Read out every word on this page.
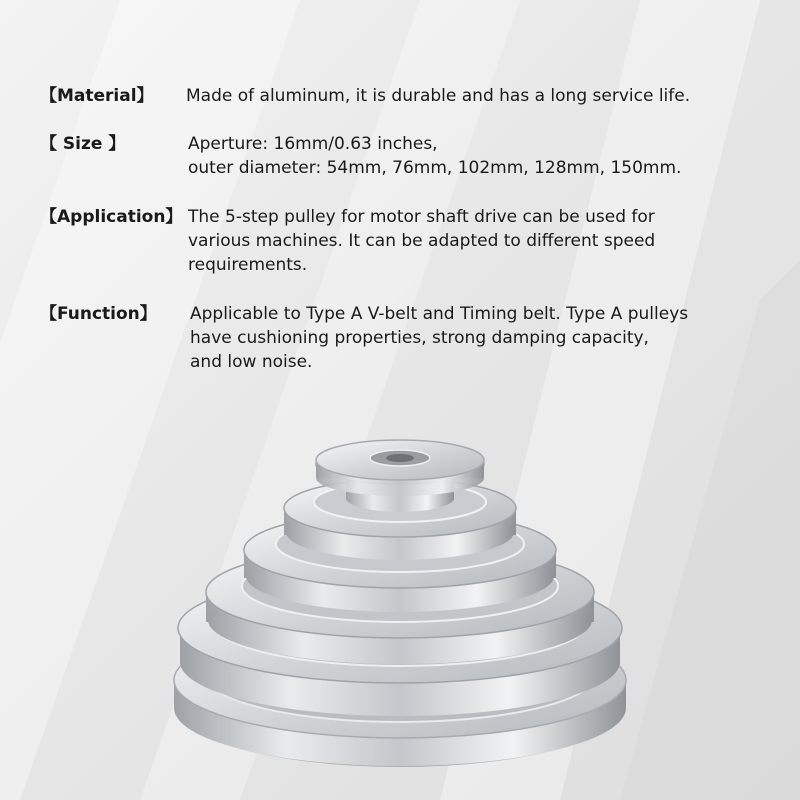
【Material】 Made of aluminum, it is durable and has a long service life.
【 Size 】	Aperture: 16mm/0.63 inches,
outer diameter: 54mm, 76mm, 102mm, 128mm, 150mm.
【Application】 The 5-step pulley for motor shaft drive can be used for
various machines. It can be adapted to different speed
requirements.
【Function】 Applicable to Type A V-belt and Timing belt. Type A pulleys
have cushioning properties, strong damping capacity,
and low noise.
